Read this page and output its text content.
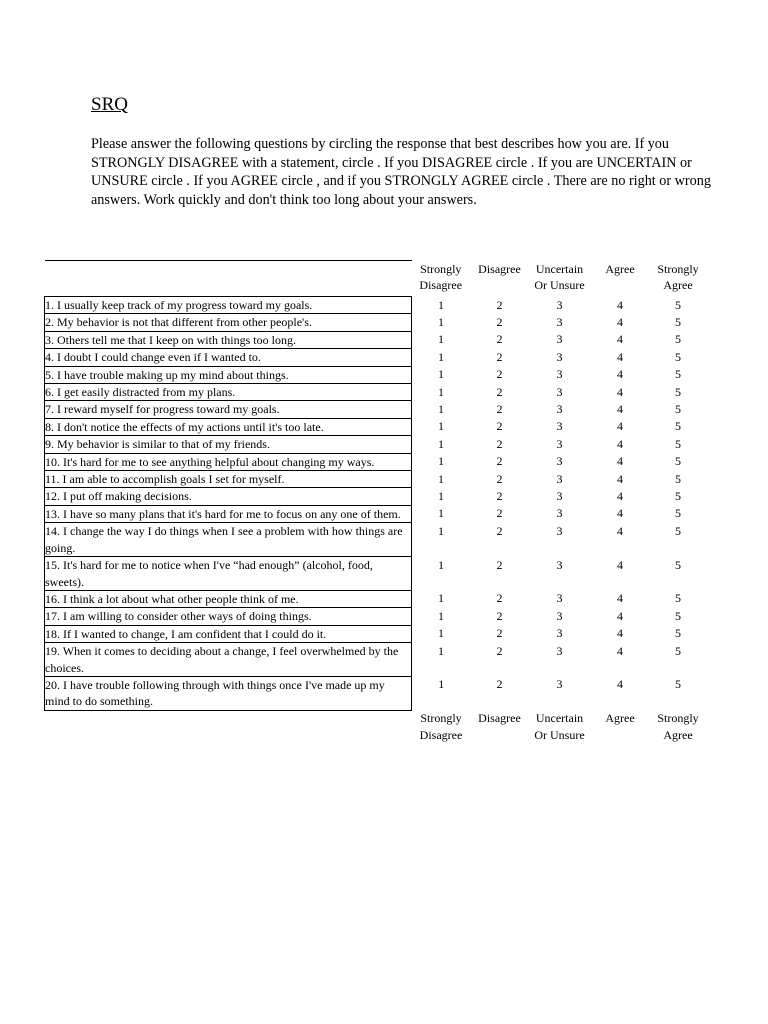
SRQ

Please answer the following questions by circling the response that best describes how you are. If you STRONGLY DISAGREE with a statement, circle . If you DISAGREE circle . If you are UNCERTAIN or UNSURE circle . If you AGREE circle , and if you STRONGLY AGREE circle . There are no right or wrong answers. Work quickly and don't think too long about your answers.

	Strongly Disagree	Disagree	Uncertain Or Unsure	Agree	Strongly Agree
1. I usually keep track of my progress toward my goals.	1	2	3	4	5
2. My behavior is not that different from other people's.	1	2	3	4	5
3. Others tell me that I keep on with things too long.	1	2	3	4	5
4. I doubt I could change even if I wanted to.	1	2	3	4	5
5. I have trouble making up my mind about things.	1	2	3	4	5
6. I get easily distracted from my plans.	1	2	3	4	5
7. I reward myself for progress toward my goals.	1	2	3	4	5
8. I don't notice the effects of my actions until it's too late.	1	2	3	4	5
9. My behavior is similar to that of my friends.	1	2	3	4	5
10. It's hard for me to see anything helpful about changing my ways.	1	2	3	4	5
11. I am able to accomplish goals I set for myself.	1	2	3	4	5
12. I put off making decisions.	1	2	3	4	5
13. I have so many plans that it's hard for me to focus on any one of them.	1	2	3	4	5
14. I change the way I do things when I see a problem with how things are going.	1	2	3	4	5
15. It's hard for me to notice when I've “had enough” (alcohol, food, sweets).	1	2	3	4	5
16. I think a lot about what other people think of me.	1	2	3	4	5
17. I am willing to consider other ways of doing things.	1	2	3	4	5
18. If I wanted to change, I am confident that I could do it.	1	2	3	4	5
19. When it comes to deciding about a change, I feel overwhelmed by the choices.	1	2	3	4	5
20. I have trouble following through with things once I've made up my mind to do something.	1	2	3	4	5
	Strongly Disagree	Disagree	Uncertain Or Unsure	Agree	Strongly Agree
